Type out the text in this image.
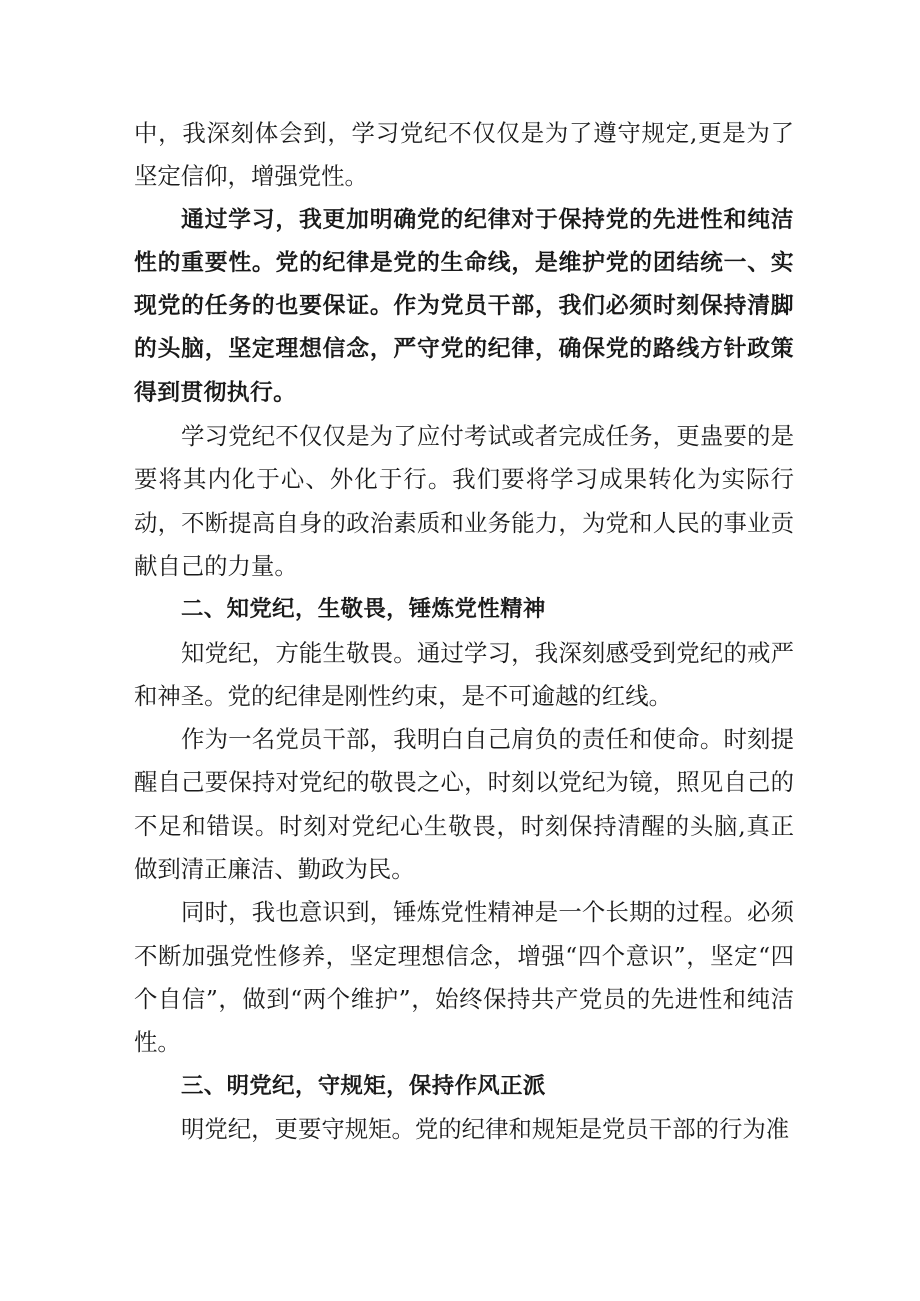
中，我深刻体会到，学习党纪不仅仅是为了遵守规定,更是为了坚定信仰，增强党性。

通过学习，我更加明确党的纪律对于保持党的先进性和纯洁性的重要性。党的纪律是党的生命线，是维护党的团结统一、实现党的任务的也要保证。作为党员干部，我们必须时刻保持清脚的头脑，坚定理想信念，严守党的纪律，确保党的路线方针政策得到贯彻执行。

学习党纪不仅仅是为了应付考试或者完成任务，更蛊要的是要将其内化于心、外化于行。我们要将学习成果转化为实际行动，不断提高自身的政治素质和业务能力，为党和人民的事业贡献自己的力量。

二、知党纪，生敬畏，锤炼党性精神

知党纪，方能生敬畏。通过学习，我深刻感受到党纪的戒严和神圣。党的纪律是刚性约束，是不可逾越的红线。

作为一名党员干部，我明白自己肩负的责任和使命。时刻提醒自己要保持对党纪的敬畏之心，时刻以党纪为镜，照见自己的不足和错误。时刻对党纪心生敬畏，时刻保持清醒的头脑,真正做到清正廉洁、勤政为民。

同时，我也意识到，锤炼党性精神是一个长期的过程。必须不断加强党性修养，坚定理想信念，增强“四个意识”，坚定“四个自信”，做到“两个维护”，始终保持共产党员的先进性和纯洁性。

三、明党纪，守规矩，保持作风正派

明党纪，更要守规矩。党的纪律和规矩是党员干部的行为准
